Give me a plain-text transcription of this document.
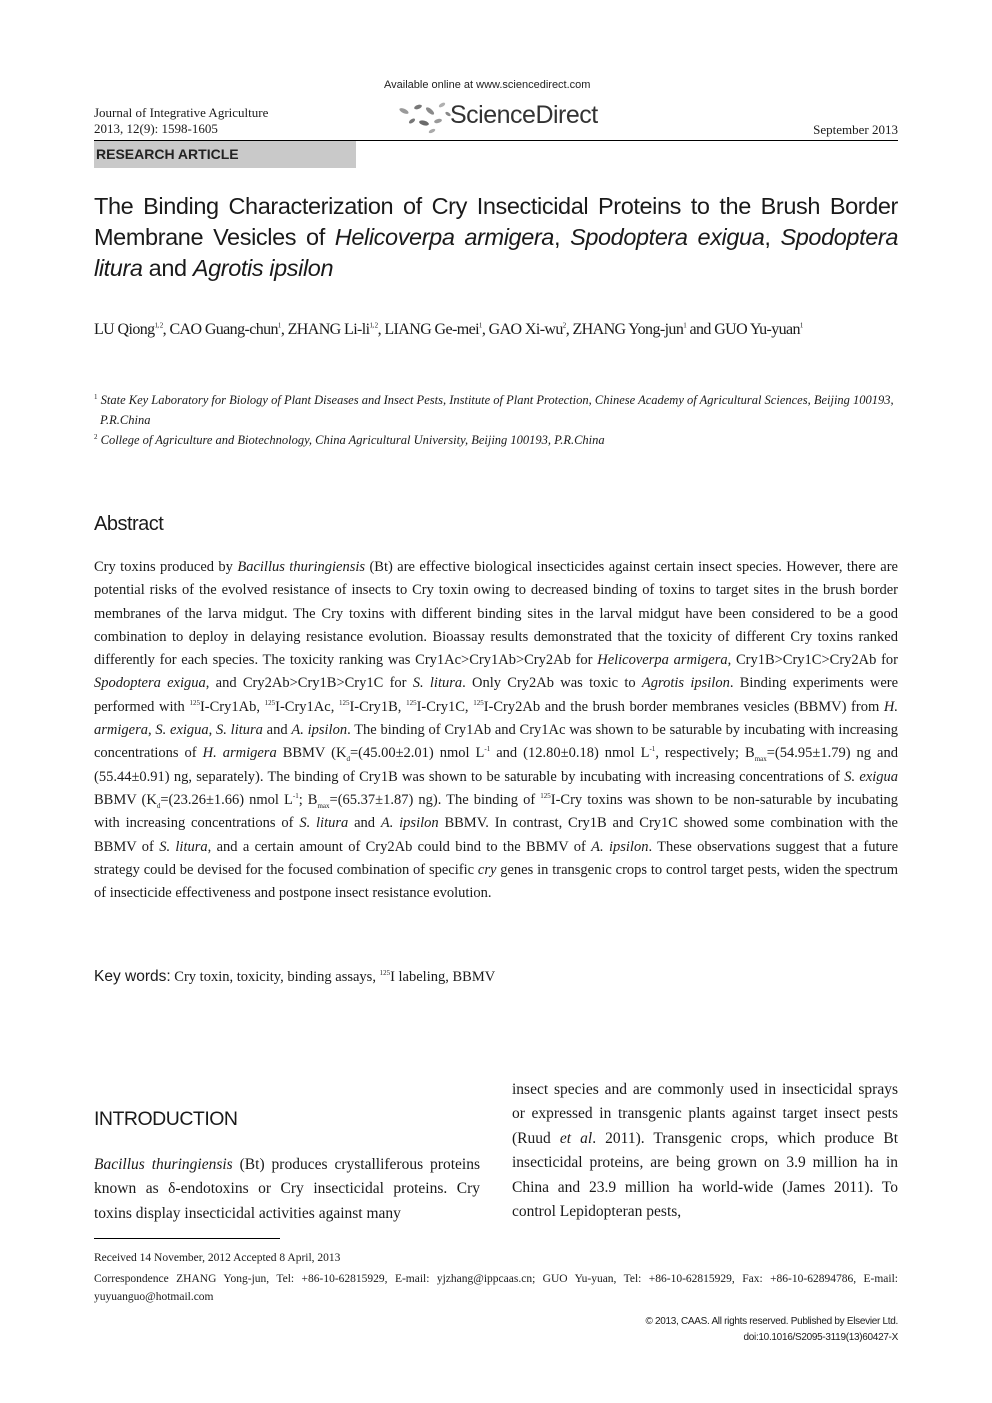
Journal of Integrative Agriculture
2013, 12(9): 1598-1605
Available online at www.sciencedirect.com
ScienceDirect
September 2013
RESEARCH ARTICLE
The Binding Characterization of Cry Insecticidal Proteins to the Brush Border Membrane Vesicles of Helicoverpa armigera, Spodoptera exigua, Spodoptera litura and Agrotis ipsilon
LU Qiong$^{1, 2}$, CAO Guang-chun$^1$, ZHANG Li-li$^{1, 2}$, LIANG Ge-mei$^1$, GAO $Xi-wu^2$, ZHANG Yong-jun$^1$ and GUO Yu-yuan$^1$
$^1$ State Key Laboratory for Biology of Plant Diseases and Insect Pests, Institute of Plant Protection, Chinese Academy of Agricultural Sciences, Beijing 100193, P.R.China
$^2$ College of Agriculture and Biotechnology, China Agricultural University, Beijing 100193, P.R.China
Abstract

Cry toxins produced by Bacillus thuringiensis (Bt) are effective biological insecticides against certain insect species. However, there are potential risks of the evolved resistance of insects to Cry toxin owing to decreased binding of toxins to target sites in the brush border membranes of the larva midgut. The Cry toxins with different binding sites in the larval midgut have been considered to be a good combination to deploy in delaying resistance evolution. Bioassay results demonstrated that the toxicity of different Cry toxins ranked differently for each species. The toxicity ranking was Cry1Ac>Cry1Ab>Cry2Ab for Helicoverpa armigera, Cry1B>Cry1C>Cry2Ab for Spodoptera exigua, and Cry2Ab>Cry1B>Cry1C for S. litura. Only Cry2Ab was toxic to Agrotis ipsilon. Binding experiments were performed with $^{125}$I-Cry1Ab, $^{125}$I-Cry1Ac, $^{125}$I-Cry1B, $^{125}$I-Cry1C, $^{125}$I-Cry2Ab and the brush border membranes vesicles (BBMV) from H. armigera, S. exigua, S. litura and A. ipsilon. The binding of Cry1Ab and Cry1Ac was shown to be saturable by incubating with increasing concentrations of H. armigera BBMV ($K_d=(45.00\pm 2.01)$ nmol $L^{-1}$ and (12.80±0.18) nmol $L^{-1}$, respectively; $B_{max}=(54.95\pm 1.79)$ ng and (55.44±0.91) ng, separately). The binding of Cry1B was shown to be saturable by incubating with increasing concentrations of S. exigua BBMV ($K_d=(23.26\pm 1.66)$ nmol $L^{-1}$; $B_{max}=(65.37\pm 1.87)$ ng). The binding of $^{125}$I-Cry toxins was shown to be non-saturable by incubating with increasing concentrations of S. litura and A. ipsilon BBMV. In contrast, Cry1B and Cry1C showed some combination with the BBMV of S. litura, and a certain amount of Cry2Ab could bind to the BBMV of A. ipsilon. These observations suggest that a future strategy could be devised for the focused combination of specific cry genes in transgenic crops to control target pests, widen the spectrum of insecticide effectiveness and postpone insect resistance evolution.

Key words: Cry toxin, toxicity, binding assays, $^{125}$I labeling, BBMV
INTRODUCTION

Bacillus thuringiensis (Bt) produces crystalliferous proteins known as δ-endotoxins or Cry insecticidal proteins. Cry toxins display insecticidal activities against many

insect species and are commonly used in insecticidal sprays or expressed in transgenic plants against target insect pests (Ruud et al. 2011). Transgenic crops, which produce Bt insecticidal proteins, are being grown on 3.9 million ha in China and 23.9 million ha world-wide (James 2011). To control Lepidopteran pests,

Received 14 November, 2012 Accepted 8 April, 2013

Correspondence ZHANG Yong-jun, Tel: +86-10-62815929, E-mail: yjzhang@ippcaas.cn; GUO Yu-yuan, Tel: +86-10-62815929, Fax: +86-10-62894786, E-mail: yuyuanguo@hotmail.com

© 2013, CAAS. All rights reserved. Published by Elsevier Ltd.
doi:10.1016/S2095-3119(13)60427-X
